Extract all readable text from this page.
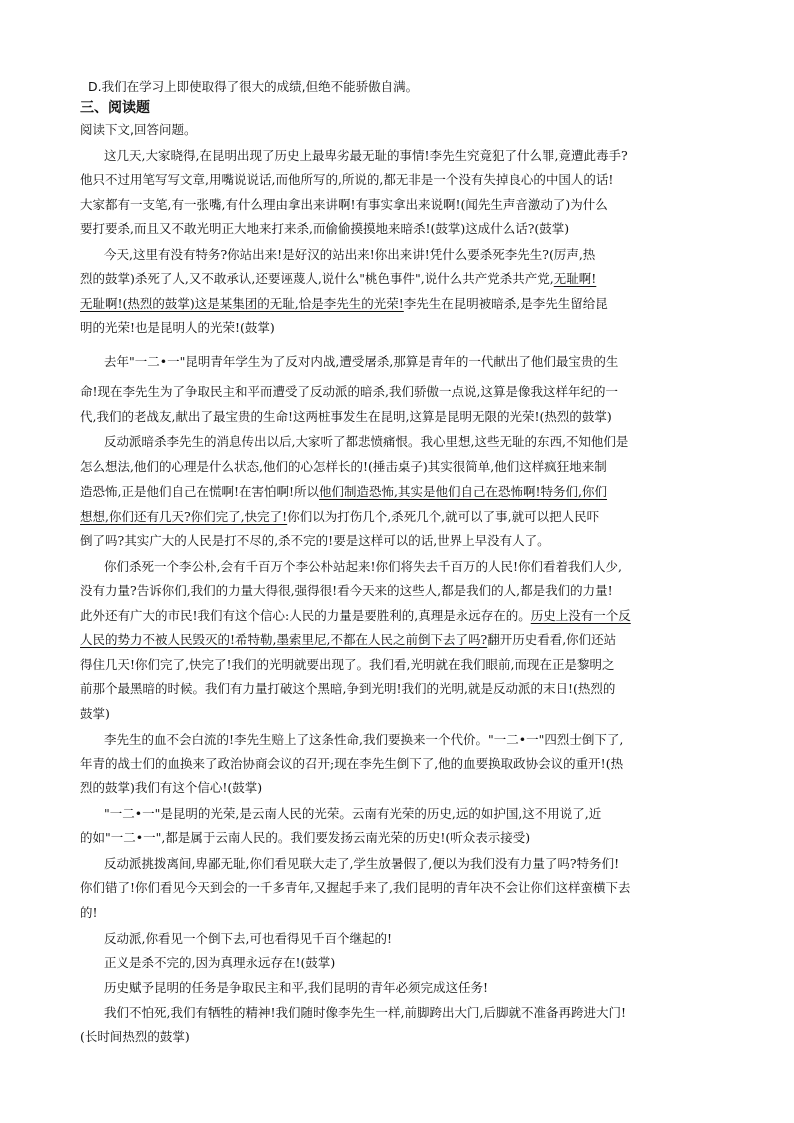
D.我们在学习上即使取得了很大的成绩,但绝不能骄傲自满。
三、阅读题
阅读下文,回答问题。
这几天,大家晓得,在昆明出现了历史上最卑劣最无耻的事情!李先生究竟犯了什么罪,竟遭此毒手?
他只不过用笔写写文章,用嘴说说话,而他所写的,所说的,都无非是一个没有失掉良心的中国人的话!
大家都有一支笔,有一张嘴,有什么理由拿出来讲啊!有事实拿出来说啊!(闻先生声音激动了)为什么
要打要杀,而且又不敢光明正大地来打来杀,而偷偷摸摸地来暗杀!(鼓掌)这成什么话?(鼓掌)
今天,这里有没有特务?你站出来!是好汉的站出来!你出来讲!凭什么要杀死李先生?(厉声,热
烈的鼓掌)杀死了人,又不敢承认,还要诬蔑人,说什么"桃色事件",说什么共产党杀共产党,无耻啊!
无耻啊!(热烈的鼓掌)这是某集团的无耻,恰是李先生的光荣!李先生在昆明被暗杀,是李先生留给昆
明的光荣!也是昆明人的光荣!(鼓掌)
去年"一二•一"昆明青年学生为了反对内战,遭受屠杀,那算是青年的一代献出了他们最宝贵的生
命!现在李先生为了争取民主和平而遭受了反动派的暗杀,我们骄傲一点说,这算是像我这样年纪的一
代,我们的老战友,献出了最宝贵的生命!这两桩事发生在昆明,这算是昆明无限的光荣!(热烈的鼓掌)
反动派暗杀李先生的消息传出以后,大家听了都悲愤痛恨。我心里想,这些无耻的东西,不知他们是
怎么想法,他们的心理是什么状态,他们的心怎样长的!(捶击桌子)其实很简单,他们这样疯狂地来制
造恐怖,正是他们自己在慌啊!在害怕啊!所以他们制造恐怖,其实是他们自己在恐怖啊!特务们,你们
想想,你们还有几天?你们完了,快完了!你们以为打伤几个,杀死几个,就可以了事,就可以把人民吓
倒了吗?其实广大的人民是打不尽的,杀不完的!要是这样可以的话,世界上早没有人了。
你们杀死一个李公朴,会有千百万个李公朴站起来!你们将失去千百万的人民!你们看着我们人少,
没有力量?告诉你们,我们的力量大得很,强得很!看今天来的这些人,都是我们的人,都是我们的力量!
此外还有广大的市民!我们有这个信心:人民的力量是要胜利的,真理是永远存在的。历史上没有一个反
人民的势力不被人民毁灭的!希特勒,墨索里尼,不都在人民之前倒下去了吗?翻开历史看看,你们还站
得住几天!你们完了,快完了!我们的光明就要出现了。我们看,光明就在我们眼前,而现在正是黎明之
前那个最黑暗的时候。我们有力量打破这个黑暗,争到光明!我们的光明,就是反动派的末日!(热烈的
鼓掌)
李先生的血不会白流的!李先生赔上了这条性命,我们要换来一个代价。"一二•一"四烈士倒下了,
年青的战士们的血换来了政治协商会议的召开;现在李先生倒下了,他的血要换取政协会议的重开!(热
烈的鼓掌)我们有这个信心!(鼓掌)
"一二•一"是昆明的光荣,是云南人民的光荣。云南有光荣的历史,远的如护国,这不用说了,近
的如"一二•一",都是属于云南人民的。我们要发扬云南光荣的历史!(听众表示接受)
反动派挑拨离间,卑鄙无耻,你们看见联大走了,学生放暑假了,便以为我们没有力量了吗?特务们!
你们错了!你们看见今天到会的一千多青年,又握起手来了,我们昆明的青年决不会让你们这样蛮横下去
的!
反动派,你看见一个倒下去,可也看得见千百个继起的!
正义是杀不完的,因为真理永远存在!(鼓掌)
历史赋予昆明的任务是争取民主和平,我们昆明的青年必须完成这任务!
我们不怕死,我们有牺牲的精神!我们随时像李先生一样,前脚跨出大门,后脚就不准备再跨进大门!
(长时间热烈的鼓掌)
